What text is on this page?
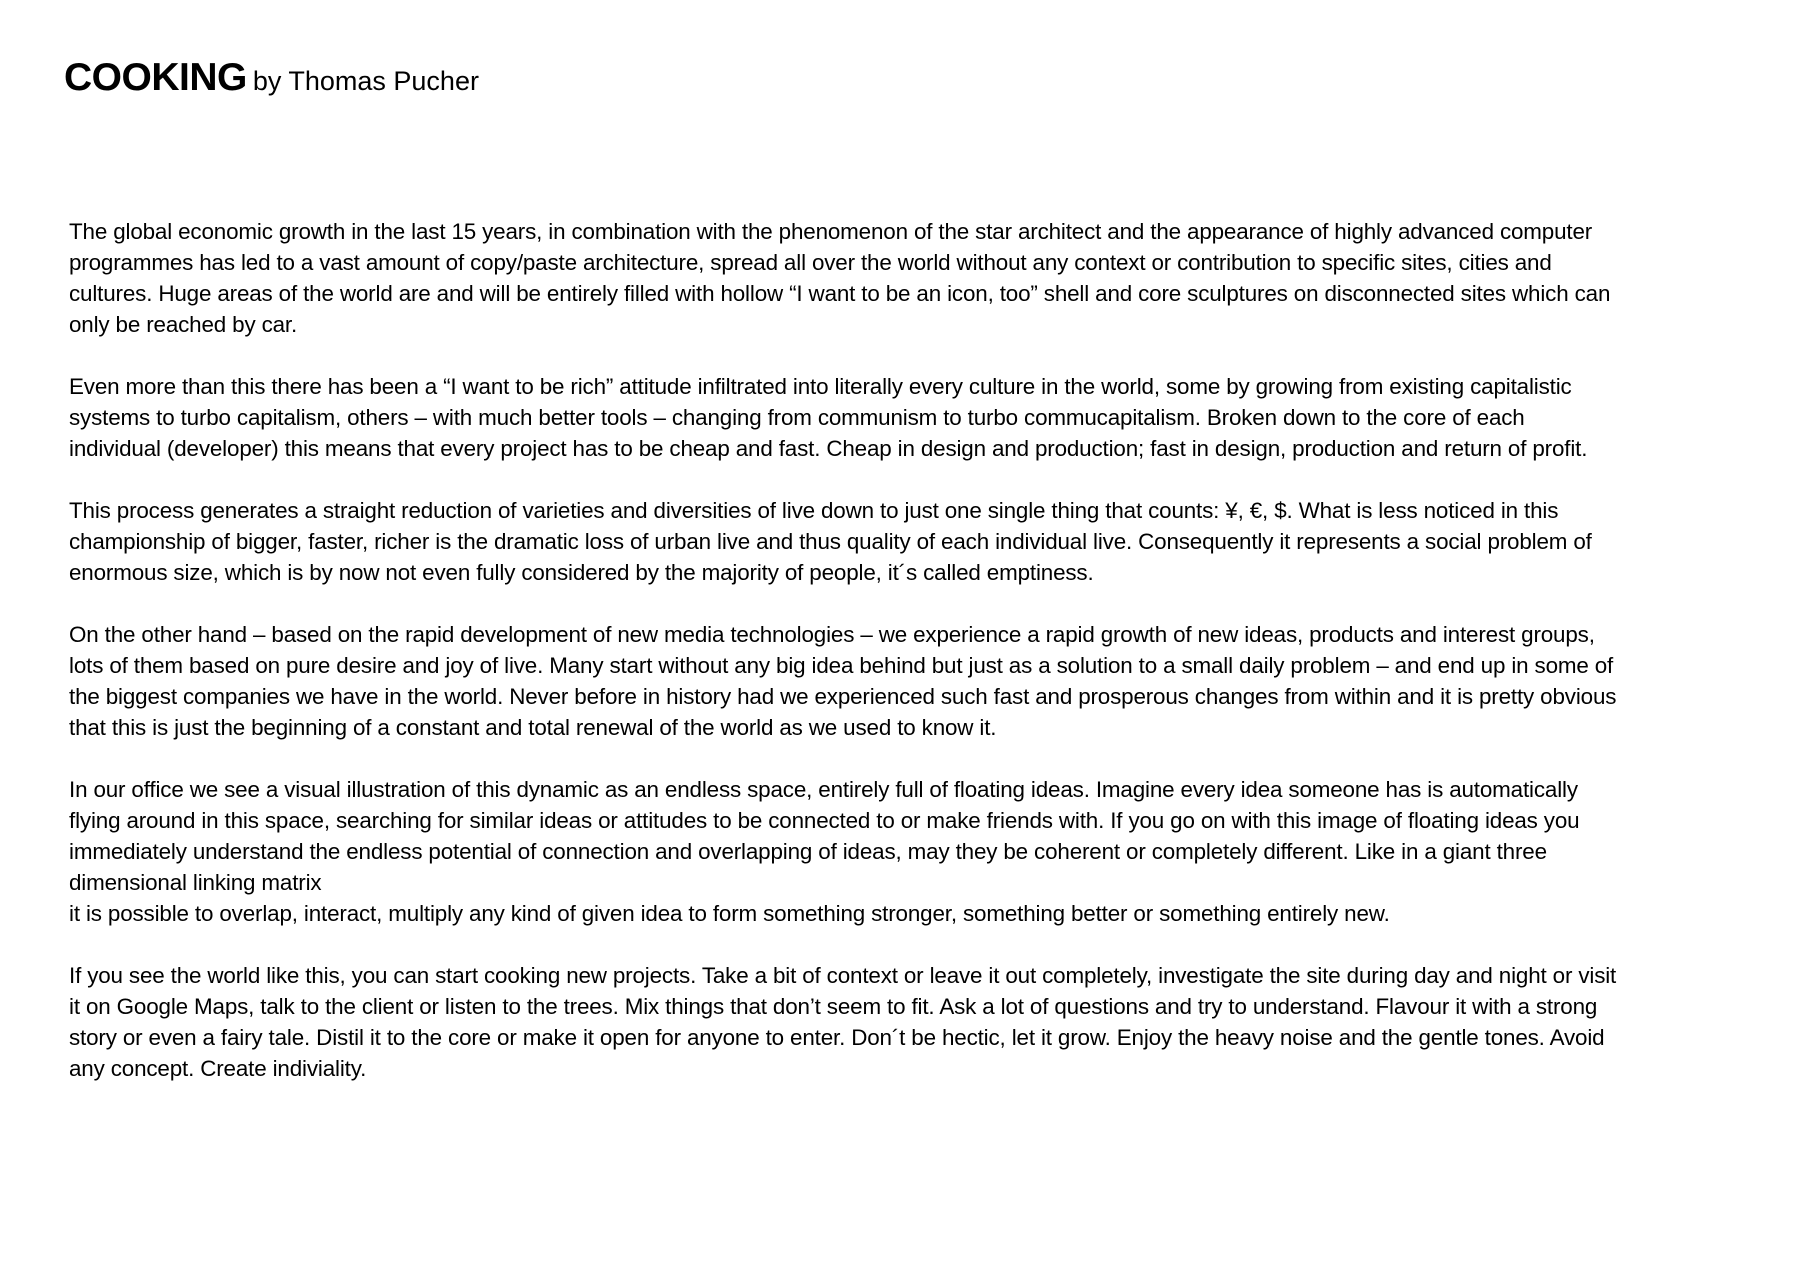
COOKING by Thomas Pucher

The global economic growth in the last 15 years, in combination with the phenomenon of the star architect and the appearance of highly advanced computer
programmes has led to a vast amount of copy/paste architecture, spread all over the world without any context or contribution to specific sites, cities and
cultures. Huge areas of the world are and will be entirely filled with hollow “I want to be an icon, too” shell and core sculptures on disconnected sites which can
only be reached by car.

Even more than this there has been a “I want to be rich” attitude infiltrated into literally every culture in the world, some by growing from existing capitalistic
systems to turbo capitalism, others – with much better tools – changing from communism to turbo commucapitalism. Broken down to the core of each
individual (developer) this means that every project has to be cheap and fast. Cheap in design and production; fast in design, production and return of profit.

This process generates a straight reduction of varieties and diversities of live down to just one single thing that counts: ¥, €, $. What is less noticed in this
championship of bigger, faster, richer is the dramatic loss of urban live and thus quality of each individual live. Consequently it represents a social problem of
enormous size, which is by now not even fully considered by the majority of people, it´s called emptiness.

On the other hand – based on the rapid development of new media technologies – we experience a rapid growth of new ideas, products and interest groups,
lots of them based on pure desire and joy of live. Many start without any big idea behind but just as a solution to a small daily problem – and end up in some of
the biggest companies we have in the world. Never before in history had we experienced such fast and prosperous changes from within and it is pretty obvious
that this is just the beginning of a constant and total renewal of the world as we used to know it.

In our office we see a visual illustration of this dynamic as an endless space, entirely full of floating ideas. Imagine every idea someone has is automatically
flying around in this space, searching for similar ideas or attitudes to be connected to or make friends with. If you go on with this image of floating ideas you
immediately understand the endless potential of connection and overlapping of ideas, may they be coherent or completely different. Like in a giant three
dimensional linking matrix
it is possible to overlap, interact, multiply any kind of given idea to form something stronger, something better or something entirely new.

If you see the world like this, you can start cooking new projects. Take a bit of context or leave it out completely, investigate the site during day and night or visit
it on Google Maps, talk to the client or listen to the trees. Mix things that don’t seem to fit. Ask a lot of questions and try to understand. Flavour it with a strong
story or even a fairy tale. Distil it to the core or make it open for anyone to enter. Don´t be hectic, let it grow. Enjoy the heavy noise and the gentle tones. Avoid
any concept. Create indiviality.
